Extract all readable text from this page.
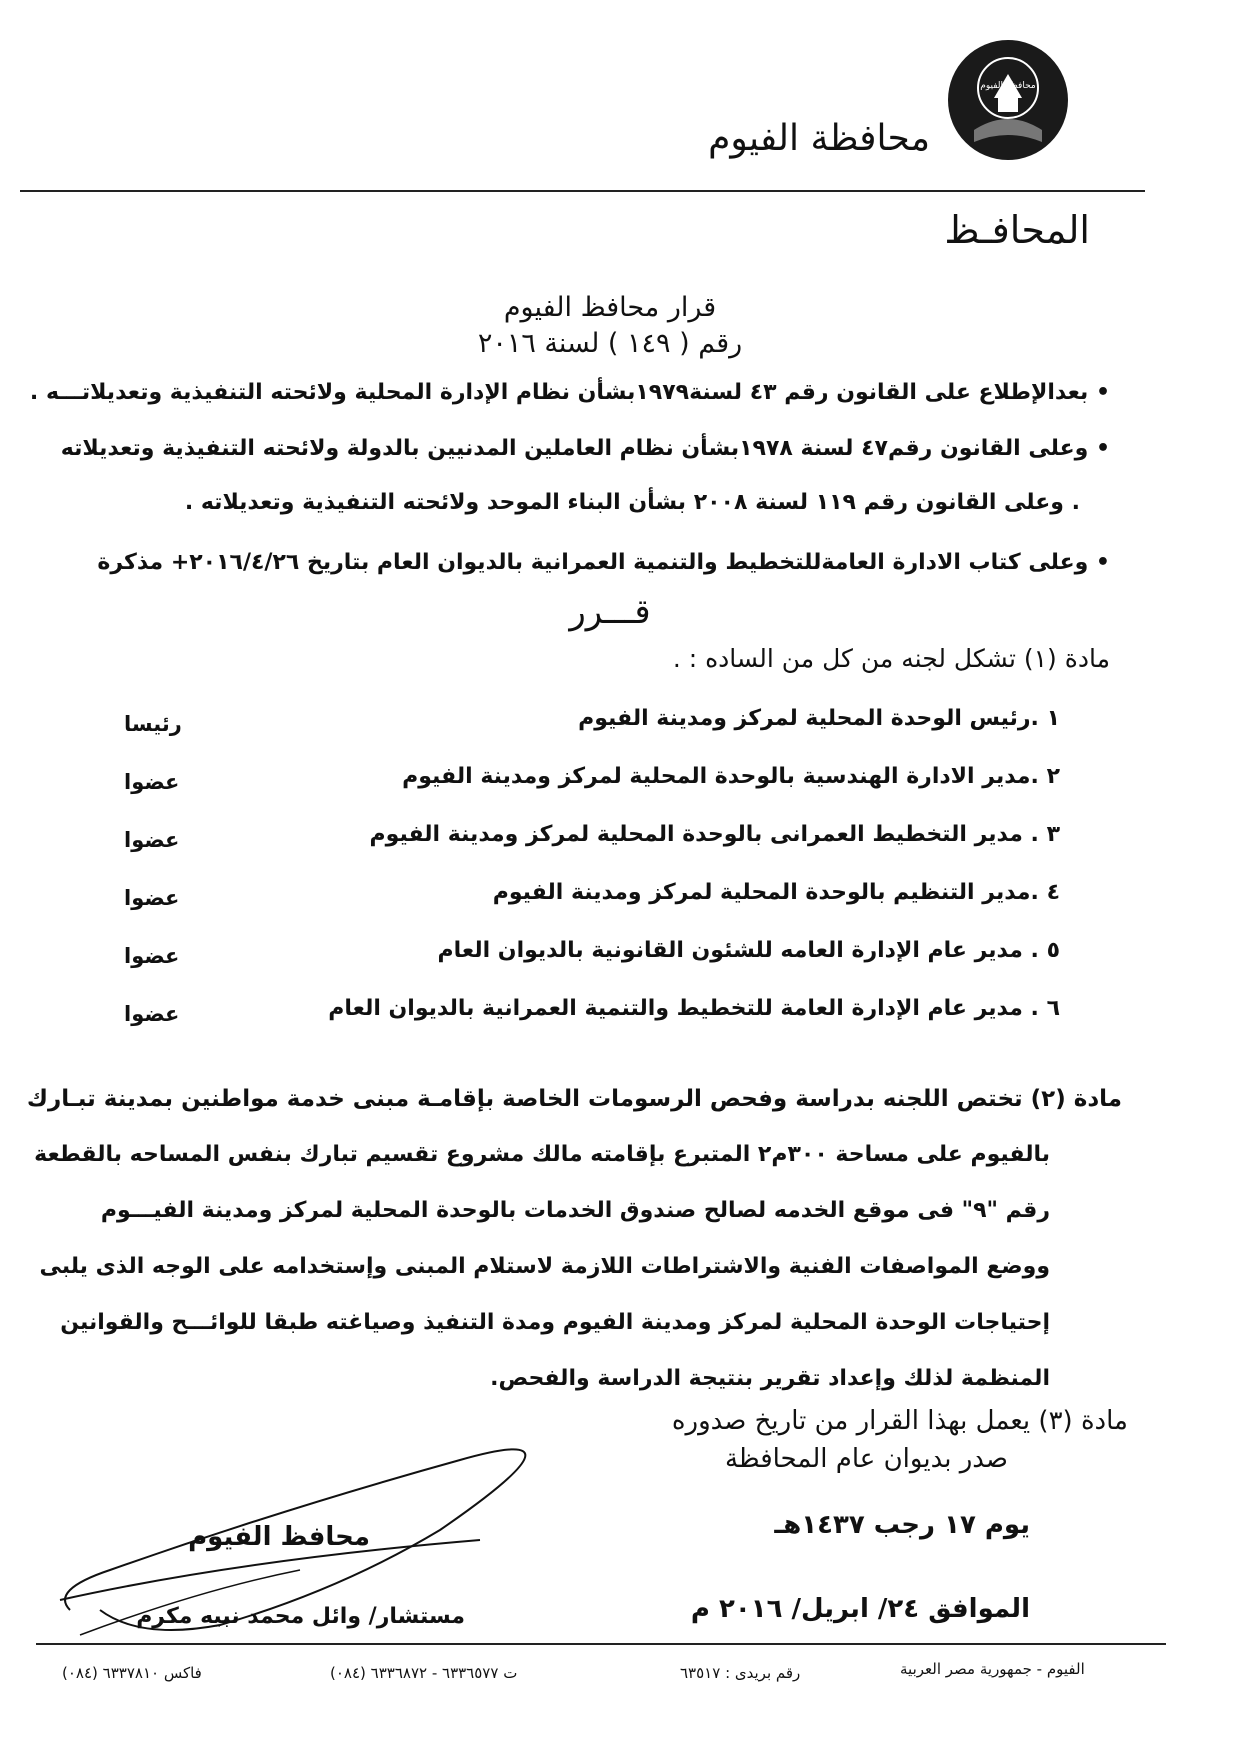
محافظة الفيوم
محافظة الفيوم
المحافـظ
قرار محافظ الفيوم
رقم ( ١٤٩ ) لسنة ٢٠١٦
• بعدالإطلاع على القانون رقم ٤٣ لسنة١٩٧٩بشأن نظام الإدارة المحلية ولائحته التنفيذية وتعديلاتـــه .
• وعلى القانون رقم٤٧ لسنة ١٩٧٨بشأن نظام العاملين المدنيين بالدولة ولائحته التنفيذية وتعديلاته
. وعلى القانون رقم ١١٩ لسنة ٢٠٠٨ بشأن البناء الموحد ولائحته التنفيذية وتعديلاته .
• وعلى كتاب الادارة العامةللتخطيط والتنمية العمرانية بالديوان العام بتاريخ ٢٠١٦/٤/٢٦+ مذكرة
قـــرر
مادة (١) تشكل لجنه من كل من الساده : .
١ .رئيس الوحدة المحلية لمركز ومدينة الفيوم
رئيسا
٢ .مدير الادارة الهندسية بالوحدة المحلية لمركز ومدينة الفيوم
عضوا
٣ . مدير التخطيط العمرانى بالوحدة المحلية لمركز ومدينة الفيوم
عضوا
٤ .مدير التنظيم بالوحدة المحلية لمركز ومدينة الفيوم
عضوا
٥ . مدير عام الإدارة العامه للشئون القانونية بالديوان العام
عضوا
٦ . مدير عام الإدارة العامة للتخطيط والتنمية العمرانية بالديوان العام
عضوا
مادة (٢) تختص اللجنه بدراسة وفحص الرسومات الخاصة بإقامـة مبنى خدمة مواطنين بمدينة تبـارك
بالفيوم على مساحة ٣٠٠م٢ المتبرع بإقامته مالك مشروع تقسيم تبارك بنفس المساحه بالقطعة
رقم "٩" فى موقع الخدمه لصالح صندوق الخدمات بالوحدة المحلية لمركز ومدينة الفيـــوم
ووضع المواصفات الفنية والاشتراطات اللازمة لاستلام المبنى وإستخدامه على الوجه الذى يلبى
إحتياجات الوحدة المحلية لمركز ومدينة الفيوم ومدة التنفيذ وصياغته طبقا للوائـــح والقوانين
المنظمة لذلك وإعداد تقرير بنتيجة الدراسة والفحص.
مادة (٣) يعمل بهذا القرار من تاريخ صدوره
صدر بديوان عام المحافظة
يوم ١٧ رجب ١٤٣٧هـ
الموافق ٢٤/ ابريل/ ٢٠١٦ م
محافظ الفيوم
مستشار/ وائل محمد نبيه مكرم
الفيوم - جمهورية مصر العربية
رقم بريدى : ٦٣٥١٧
ت ٦٣٣٦٥٧٧ - ٦٣٣٦٨٧٢ (٠٨٤)
فاكس ٦٣٣٧٨١٠ (٠٨٤)
